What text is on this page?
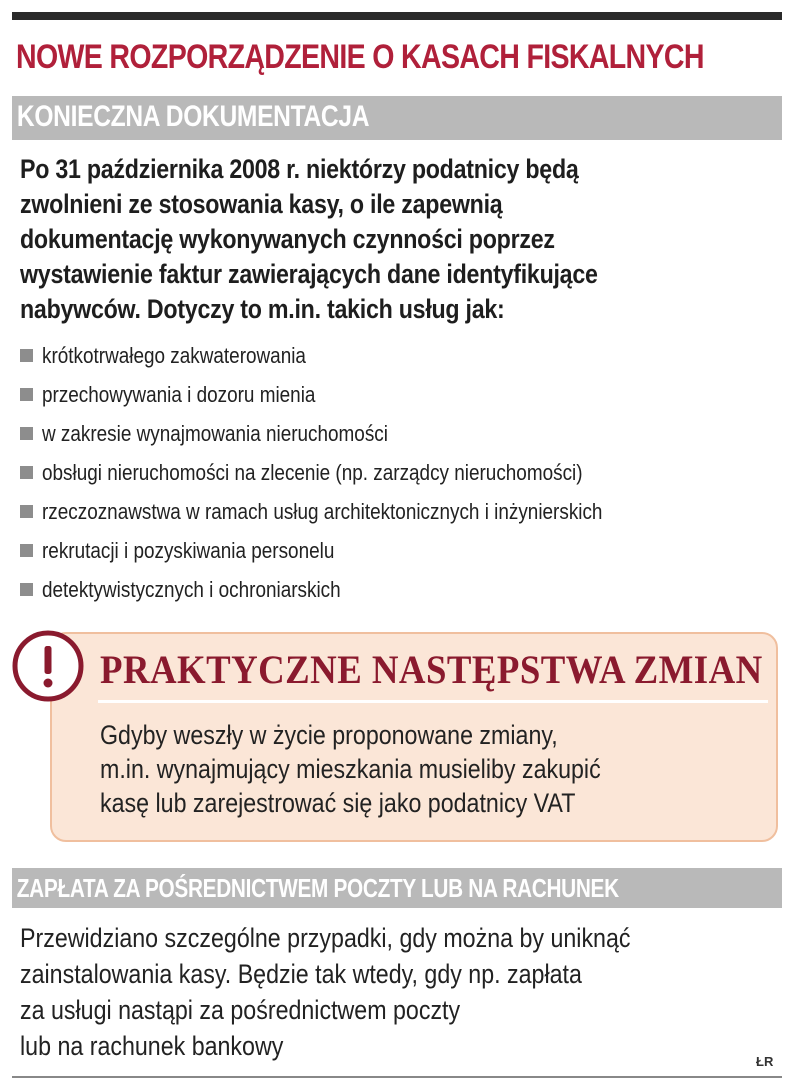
NOWE ROZPORZĄDZENIE O KASACH FISKALNYCH
KONIECZNA DOKUMENTACJA
Po 31 października 2008 r. niektórzy podatnicy będą
zwolnieni ze stosowania kasy, o ile zapewnią
dokumentację wykonywanych czynności poprzez
wystawienie faktur zawierających dane identyfikujące
nabywców. Dotyczy to m.in. takich usług jak:
krótkotrwałego zakwaterowania
przechowywania i dozoru mienia
w zakresie wynajmowania nieruchomości
obsługi nieruchomości na zlecenie (np. zarządcy nieruchomości)
rzeczoznawstwa w ramach usług architektonicznych i inżynierskich
rekrutacji i pozyskiwania personelu
detektywistycznych i ochroniarskich
PRAKTYCZNE NASTĘPSTWA ZMIAN
Gdyby weszły w życie proponowane zmiany,
m.in. wynajmujący mieszkania musieliby zakupić
kasę lub zarejestrować się jako podatnicy VAT
ZAPŁATA ZA POŚREDNICTWEM POCZTY LUB NA RACHUNEK
Przewidziano szczególne przypadki, gdy można by uniknąć
zainstalowania kasy. Będzie tak wtedy, gdy np. zapłata
za usługi nastąpi za pośrednictwem poczty
lub na rachunek bankowy
ŁR
